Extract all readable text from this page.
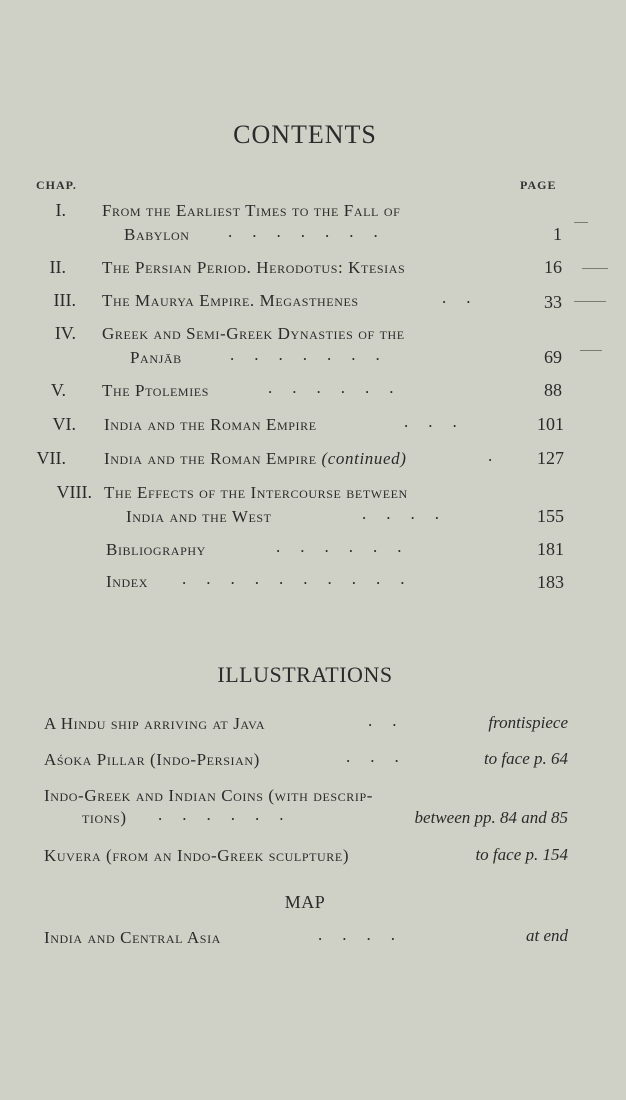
CONTENTS
CHAP.	PAGE
I. From the Earliest Times to the Fall of
Babylon .......	1
II. The Persian Period. Herodotus: Ktesias	16
III. The Maurya Empire. Megasthenes	..	33
IV. Greek and Semi-Greek Dynasties of the
Panjāb	.......	69
V. The Ptolemies	......	88
VI. India and the Roman Empire	...	101
VII. India and the Roman Empire (continued)	.	127
VIII. The Effects of the Intercourse between
India and the West	....	155
Bibliography	......	181
Index ..........	183
ILLUSTRATIONS
A Hindu ship arriving at Java	..	frontispiece
Aśoka Pillar (Indo-Persian)	...	to face p. 64
Indo-Greek and Indian Coins (with descrip-
tions) ......	between pp. 84 and 85
Kuvera (from an Indo-Greek sculpture)	to face p. 154
MAP
India and Central Asia	....	at end
